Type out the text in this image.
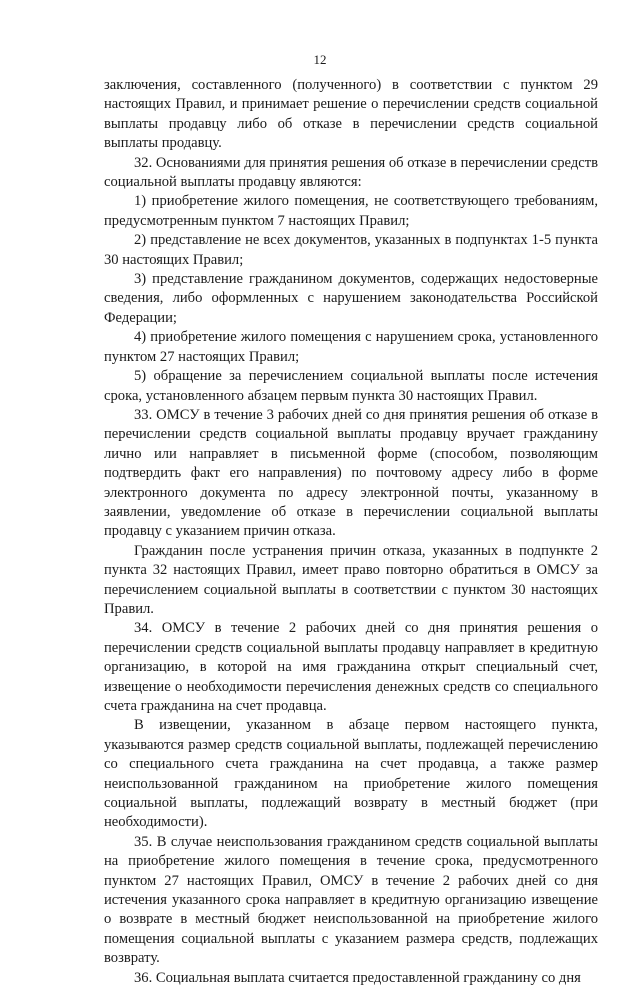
12

заключения, составленного (полученного) в соответствии с пунктом 29 настоящих Правил, и принимает решение о перечислении средств социальной выплаты продавцу либо об отказе в перечислении средств социальной выплаты продавцу.

32. Основаниями для принятия решения об отказе в перечислении средств социальной выплаты продавцу являются:

1) приобретение жилого помещения, не соответствующего требованиям, предусмотренным пунктом 7 настоящих Правил;

2) представление не всех документов, указанных в подпунктах 1-5 пункта 30 настоящих Правил;

3) представление гражданином документов, содержащих недостоверные сведения, либо оформленных с нарушением законодательства Российской Федерации;

4) приобретение жилого помещения с нарушением срока, установленного пунктом 27 настоящих Правил;

5) обращение за перечислением социальной выплаты после истечения срока, установленного абзацем первым пункта 30 настоящих Правил.

33. ОМСУ в течение 3 рабочих дней со дня принятия решения об отказе в перечислении средств социальной выплаты продавцу вручает гражданину лично или направляет в письменной форме (способом, позволяющим подтвердить факт его направления) по почтовому адресу либо в форме электронного документа по адресу электронной почты, указанному в заявлении, уведомление об отказе в перечислении социальной выплаты продавцу с указанием причин отказа.

Гражданин после устранения причин отказа, указанных в подпункте 2 пункта 32 настоящих Правил, имеет право повторно обратиться в ОМСУ за перечислением социальной выплаты в соответствии с пунктом 30 настоящих Правил.

34. ОМСУ в течение 2 рабочих дней со дня принятия решения о перечислении средств социальной выплаты продавцу направляет в кредитную организацию, в которой на имя гражданина открыт специальный счет, извещение о необходимости перечисления денежных средств со специального счета гражданина на счет продавца.

В извещении, указанном в абзаце первом настоящего пункта, указываются размер средств социальной выплаты, подлежащей перечислению со специального счета гражданина на счет продавца, а также размер неиспользованной гражданином на приобретение жилого помещения социальной выплаты, подлежащий возврату в местный бюджет (при необходимости).

35. В случае неиспользования гражданином средств социальной выплаты на приобретение жилого помещения в течение срока, предусмотренного пунктом 27 настоящих Правил, ОМСУ в течение 2 рабочих дней со дня истечения указанного срока направляет в кредитную организацию извещение о возврате в местный бюджет неиспользованной на приобретение жилого помещения социальной выплаты с указанием размера средств, подлежащих возврату.

36. Социальная выплата считается предоставленной гражданину со дня
